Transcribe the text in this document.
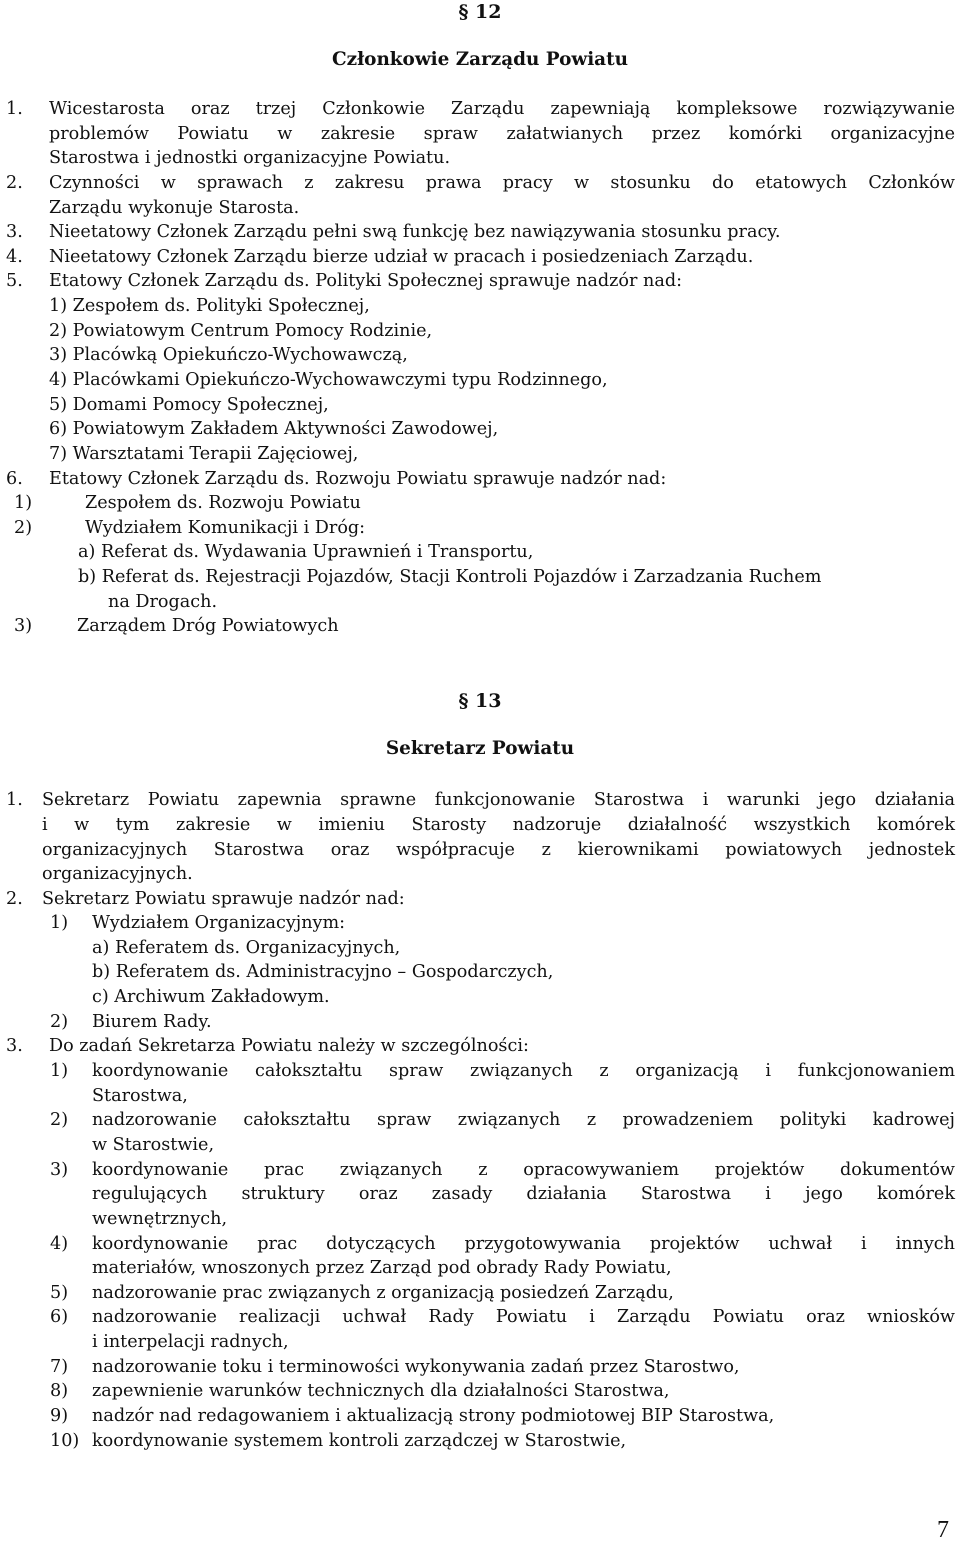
§ 12
Członkowie Zarządu Powiatu
1. Wicestarosta oraz trzej Członkowie Zarządu zapewniają kompleksowe rozwiązywanie
problemów Powiatu w zakresie spraw załatwianych przez komórki organizacyjne
Starostwa i jednostki organizacyjne Powiatu.
2. Czynności w sprawach z zakresu prawa pracy w stosunku do etatowych Członków
Zarządu wykonuje Starosta.
3. Nieetatowy Członek Zarządu pełni swą funkcję bez nawiązywania stosunku pracy.
4. Nieetatowy Członek Zarządu bierze udział w pracach i posiedzeniach Zarządu.
5. Etatowy Członek Zarządu ds. Polityki Społecznej sprawuje nadzór nad:
1) Zespołem ds. Polityki Społecznej,
2) Powiatowym Centrum Pomocy Rodzinie,
3) Placówką Opiekuńczo-Wychowawczą,
4) Placówkami Opiekuńczo-Wychowawczymi typu Rodzinnego,
5) Domami Pomocy Społecznej,
6) Powiatowym Zakładem Aktywności Zawodowej,
7) Warsztatami Terapii Zajęciowej,
6. Etatowy Członek Zarządu ds. Rozwoju Powiatu sprawuje nadzór nad:
1)	Zespołem ds. Rozwoju Powiatu
2)	Wydziałem Komunikacji i Dróg:
a) Referat ds. Wydawania Uprawnień i Transportu,
b) Referat ds. Rejestracji Pojazdów, Stacji Kontroli Pojazdów i Zarzadzania Ruchem
na Drogach.
3)	Zarządem Dróg Powiatowych
§ 13
Sekretarz Powiatu
1. Sekretarz Powiatu zapewnia sprawne funkcjonowanie Starostwa i warunki jego działania
i w tym zakresie w imieniu Starosty nadzoruje działalność wszystkich komórek
organizacyjnych Starostwa oraz współpracuje z kierownikami powiatowych jednostek
organizacyjnych.
2. Sekretarz Powiatu sprawuje nadzór nad:
1) Wydziałem Organizacyjnym:
a) Referatem ds. Organizacyjnych,
b) Referatem ds. Administracyjno – Gospodarczych,
c) Archiwum Zakładowym.
2) Biurem Rady.
3. Do zadań Sekretarza Powiatu należy w szczególności:
1) koordynowanie całokształtu spraw związanych z organizacją i funkcjonowaniem
Starostwa,
2) nadzorowanie całokształtu spraw związanych z prowadzeniem polityki kadrowej
w Starostwie,
3) koordynowanie prac związanych z opracowywaniem projektów dokumentów
regulujących struktury oraz zasady działania Starostwa i jego komórek
wewnętrznych,
4) koordynowanie prac dotyczących przygotowywania projektów uchwał i innych
materiałów, wnoszonych przez Zarząd pod obrady Rady Powiatu,
5) nadzorowanie prac związanych z organizacją posiedzeń Zarządu,
6) nadzorowanie realizacji uchwał Rady Powiatu i Zarządu Powiatu oraz wniosków
i interpelacji radnych,
7) nadzorowanie toku i terminowości wykonywania zadań przez Starostwo,
8) zapewnienie warunków technicznych dla działalności Starostwa,
9) nadzór nad redagowaniem i aktualizacją strony podmiotowej BIP Starostwa,
10) koordynowanie systemem kontroli zarządczej w Starostwie,
7
